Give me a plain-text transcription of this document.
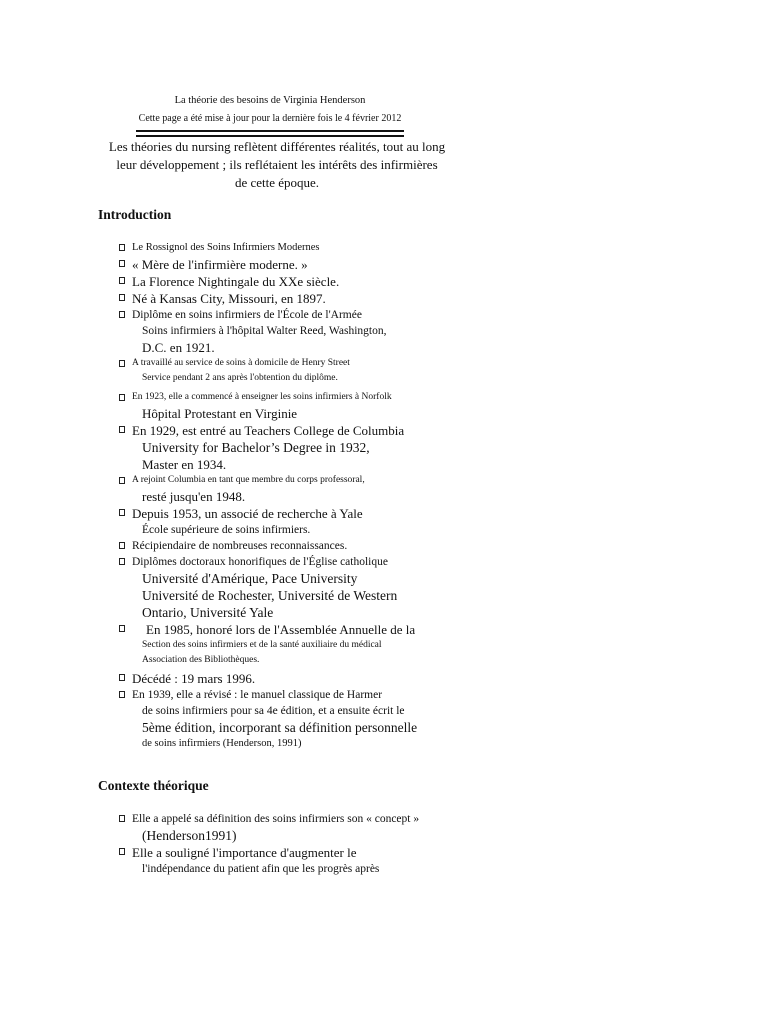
La théorie des besoins de Virginia Henderson
Cette page a été mise à jour pour la dernière fois le 4 février 2012
Les théories du nursing reflètent différentes réalités, tout au long
leur développement ; ils reflétaient les intérêts des infirmières
de cette époque.
Introduction
Le Rossignol des Soins Infirmiers Modernes
« Mère de l'infirmière moderne. »
La Florence Nightingale du XXe siècle.
Né à Kansas City, Missouri, en 1897.
Diplôme en soins infirmiers de l'École de l'Armée
Soins infirmiers à l'hôpital Walter Reed, Washington,
D.C. en 1921.
A travaillé au service de soins à domicile de Henry Street
Service pendant 2 ans après l'obtention du diplôme.
En 1923, elle a commencé à enseigner les soins infirmiers à Norfolk
Hôpital Protestant en Virginie
En 1929, est entré au Teachers College de Columbia
University for Bachelor’s Degree in 1932,
Master en 1934.
A rejoint Columbia en tant que membre du corps professoral,
resté jusqu'en 1948.
Depuis 1953, un associé de recherche à Yale
École supérieure de soins infirmiers.
Récipiendaire de nombreuses reconnaissances.
Diplômes doctoraux honorifiques de l'Église catholique
Université d'Amérique, Pace University
Université de Rochester, Université de Western
Ontario, Université Yale
En 1985, honoré lors de l'Assemblée Annuelle de la
Section des soins infirmiers et de la santé auxiliaire du médical
Association des Bibliothèques.
Décédé : 19 mars 1996.
En 1939, elle a révisé : le manuel classique de Harmer
de soins infirmiers pour sa 4e édition, et a ensuite écrit le
5ème édition, incorporant sa définition personnelle
de soins infirmiers (Henderson, 1991)
Contexte théorique
Elle a appelé sa définition des soins infirmiers son « concept »
(Henderson1991)
Elle a souligné l'importance d'augmenter le
l'indépendance du patient afin que les progrès après
